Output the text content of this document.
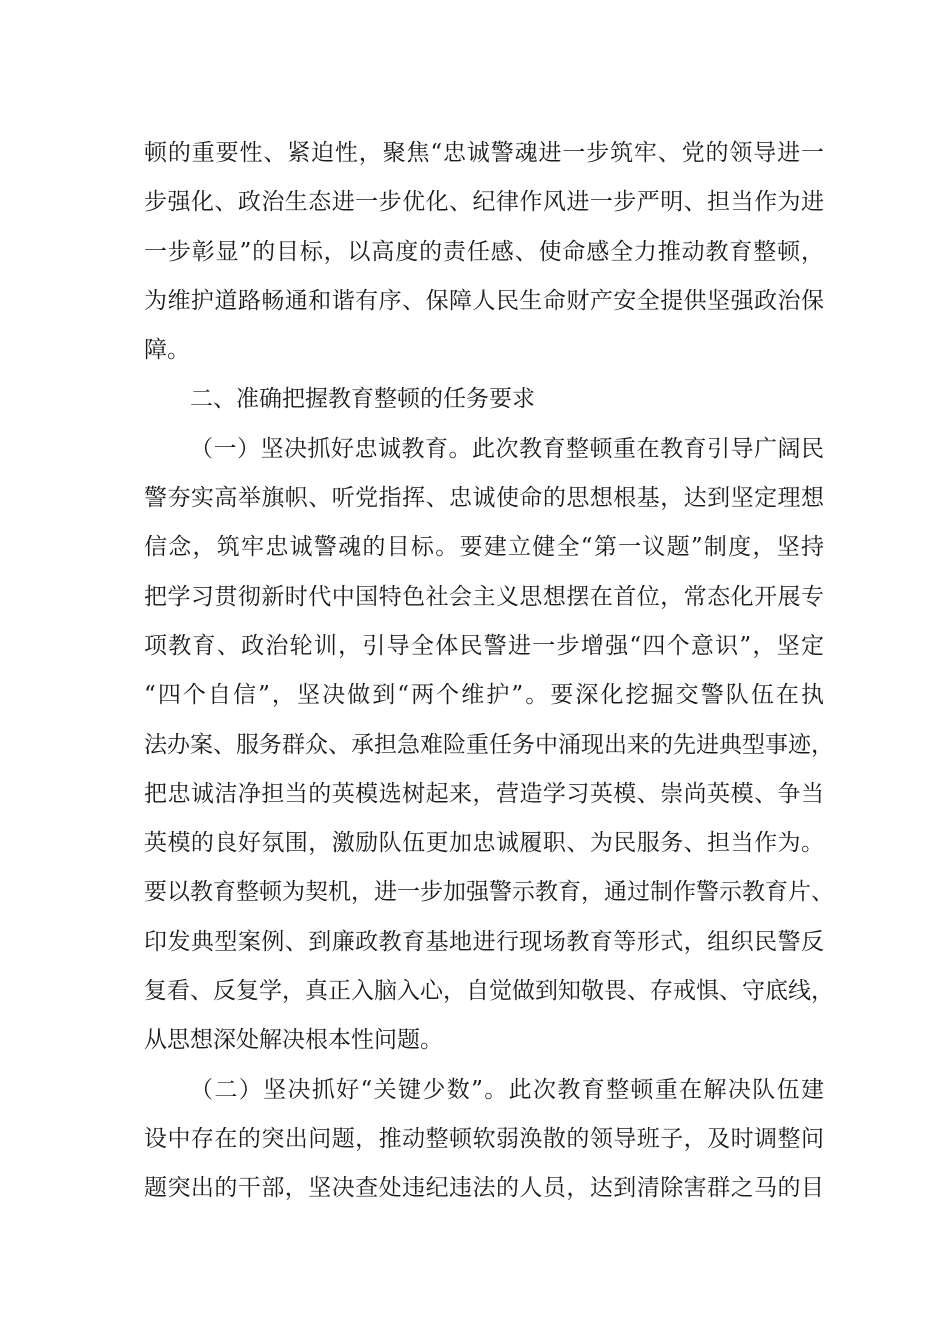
顿的重要性、紧迫性，聚焦“忠诚警魂进一步筑牢、党的领导进一
步强化、政治生态进一步优化、纪律作风进一步严明、担当作为进
一步彰显”的目标，以高度的责任感、使命感全力推动教育整顿，
为维护道路畅通和谐有序、保障人民生命财产安全提供坚强政治保
障。
二、准确把握教育整顿的任务要求
（一）坚决抓好忠诚教育。此次教育整顿重在教育引导广阔民
警夯实高举旗帜、听党指挥、忠诚使命的思想根基，达到坚定理想
信念，筑牢忠诚警魂的目标。要建立健全“第一议题”制度，坚持
把学习贯彻新时代中国特色社会主义思想摆在首位，常态化开展专
项教育、政治轮训，引导全体民警进一步增强“四个意识”，坚定
“四个自信”，坚决做到“两个维护”。要深化挖掘交警队伍在执
法办案、服务群众、承担急难险重任务中涌现出来的先进典型事迹，
把忠诚洁净担当的英模选树起来，营造学习英模、崇尚英模、争当
英模的良好氛围，激励队伍更加忠诚履职、为民服务、担当作为。
要以教育整顿为契机，进一步加强警示教育，通过制作警示教育片、
印发典型案例、到廉政教育基地进行现场教育等形式，组织民警反
复看、反复学，真正入脑入心，自觉做到知敬畏、存戒惧、守底线，
从思想深处解决根本性问题。
（二）坚决抓好“关键少数”。此次教育整顿重在解决队伍建
设中存在的突出问题，推动整顿软弱涣散的领导班子，及时调整问
题突出的干部，坚决查处违纪违法的人员，达到清除害群之马的目
